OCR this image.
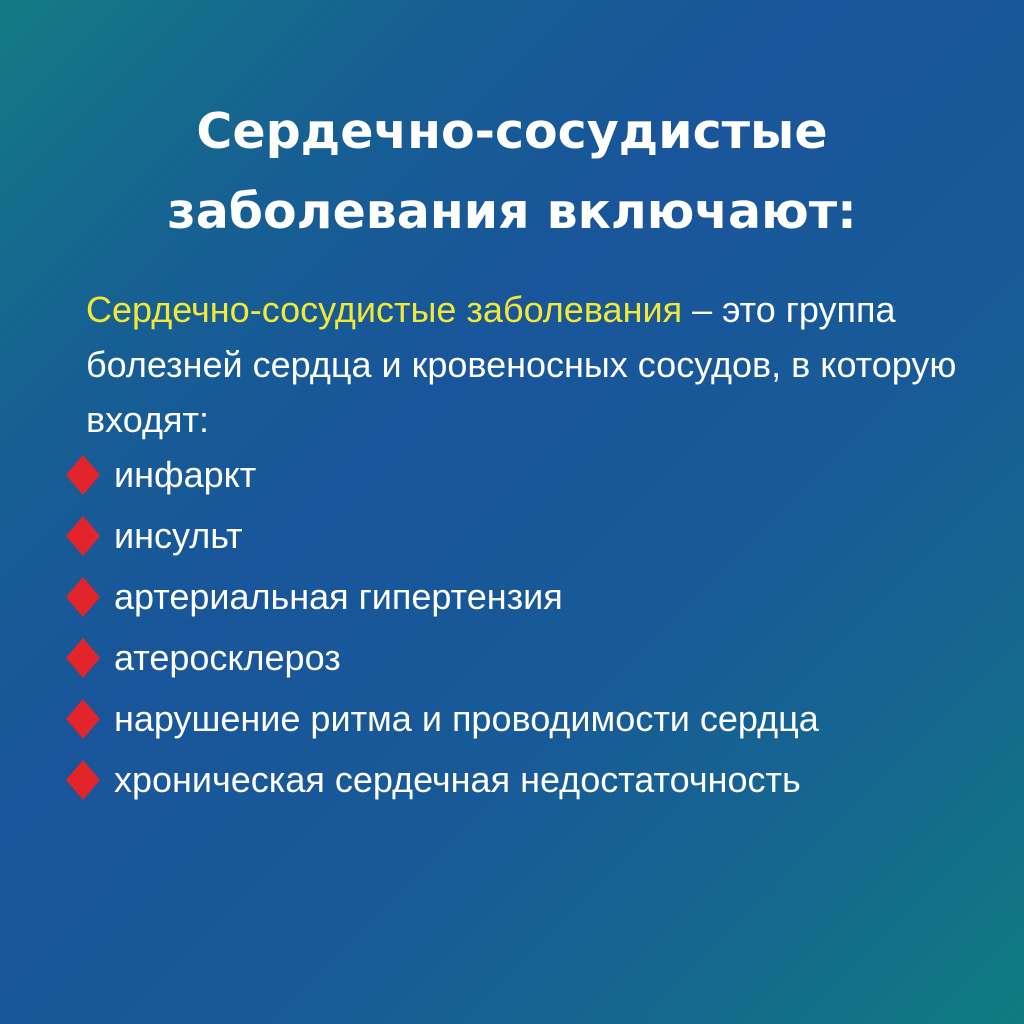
Сердечно-сосудистые
заболевания включают:
Сердечно-сосудистые заболевания – это группа
болезней сердца и кровеносных сосудов, в которую
входят:
инфаркт
инсульт
артериальная гипертензия
атеросклероз
нарушение ритма и проводимости сердца
хроническая сердечная недостаточность
